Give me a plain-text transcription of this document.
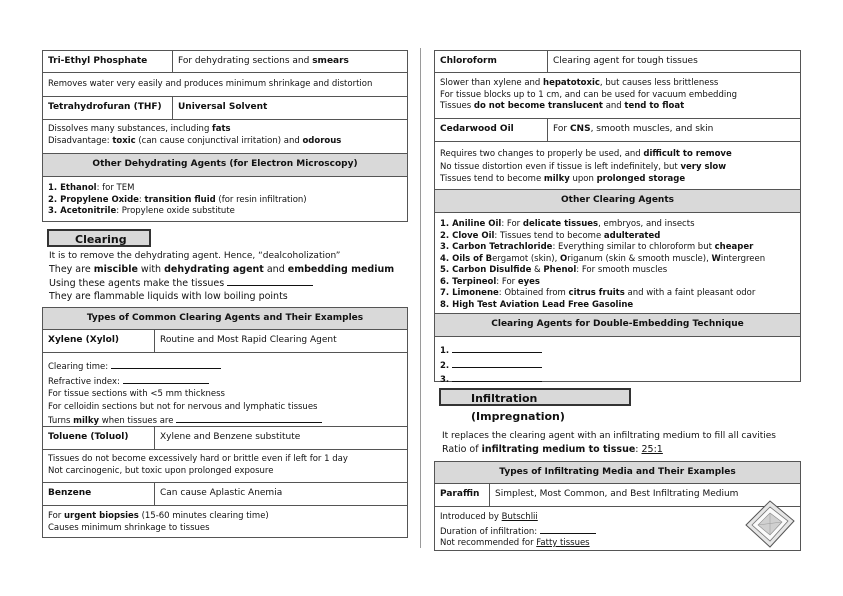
Tri-Ethyl Phosphate	For dehydrating sections and smears
Removes water very easily and produces minimum shrinkage and distortion
Tetrahydrofuran (THF)	Universal Solvent
Dissolves many substances, including fats
Disadvantage: toxic (can cause conjunctival irritation) and odorous
Other Dehydrating Agents (for Electron Microscopy)
1. Ethanol: for TEM
2. Propylene Oxide: transition fluid (for resin infiltration)
3. Acetonitrile: Propylene oxide substitute
Clearing
It is to remove the dehydrating agent. Hence, “dealcoholization”
They are miscible with dehydrating agent and embedding medium
Using these agents make the tissues
They are flammable liquids with low boiling points
Types of Common Clearing Agents and Their Examples
Xylene (Xylol)	Routine and Most Rapid Clearing Agent
Clearing time:
Refractive index:
For tissue sections with <5 mm thickness
For celloidin sections but not for nervous and lymphatic tissues
Turns milky when tissues are
Toluene (Toluol)	Xylene and Benzene substitute
Tissues do not become excessively hard or brittle even if left for 1 day
Not carcinogenic, but toxic upon prolonged exposure
Benzene	Can cause Aplastic Anemia
For urgent biopsies (15-60 minutes clearing time)
Causes minimum shrinkage to tissues
Chloroform	Clearing agent for tough tissues
Slower than xylene and hepatotoxic, but causes less brittleness
For tissue blocks up to 1 cm, and can be used for vacuum embedding
Tissues do not become translucent and tend to float
Cedarwood Oil	For CNS, smooth muscles, and skin
Requires two changes to properly be used, and difficult to remove
No tissue distortion even if tissue is left indefinitely, but very slow
Tissues tend to become milky upon prolonged storage
Other Clearing Agents
1. Aniline Oil: For delicate tissues, embryos, and insects
2. Clove Oil: Tissues tend to become adulterated
3. Carbon Tetrachloride: Everything similar to chloroform but cheaper
4. Oils of Bergamot (skin), Origanum (skin & smooth muscle), Wintergreen
5. Carbon Disulfide & Phenol: For smooth muscles
6. Terpineol: For eyes
7. Limonene: Obtained from citrus fruits and with a faint pleasant odor
8. High Test Aviation Lead Free Gasoline
Clearing Agents for Double-Embedding Technique
1.
2.
3.
Infiltration (Impregnation)
It replaces the clearing agent with an infiltrating medium to fill all cavities
Ratio of infiltrating medium to tissue: 25:1
Types of Infiltrating Media and Their Examples
Paraffin	Simplest, Most Common, and Best Infiltrating Medium
Introduced by Butschlii
Duration of infiltration:
Not recommended for Fatty tissues
